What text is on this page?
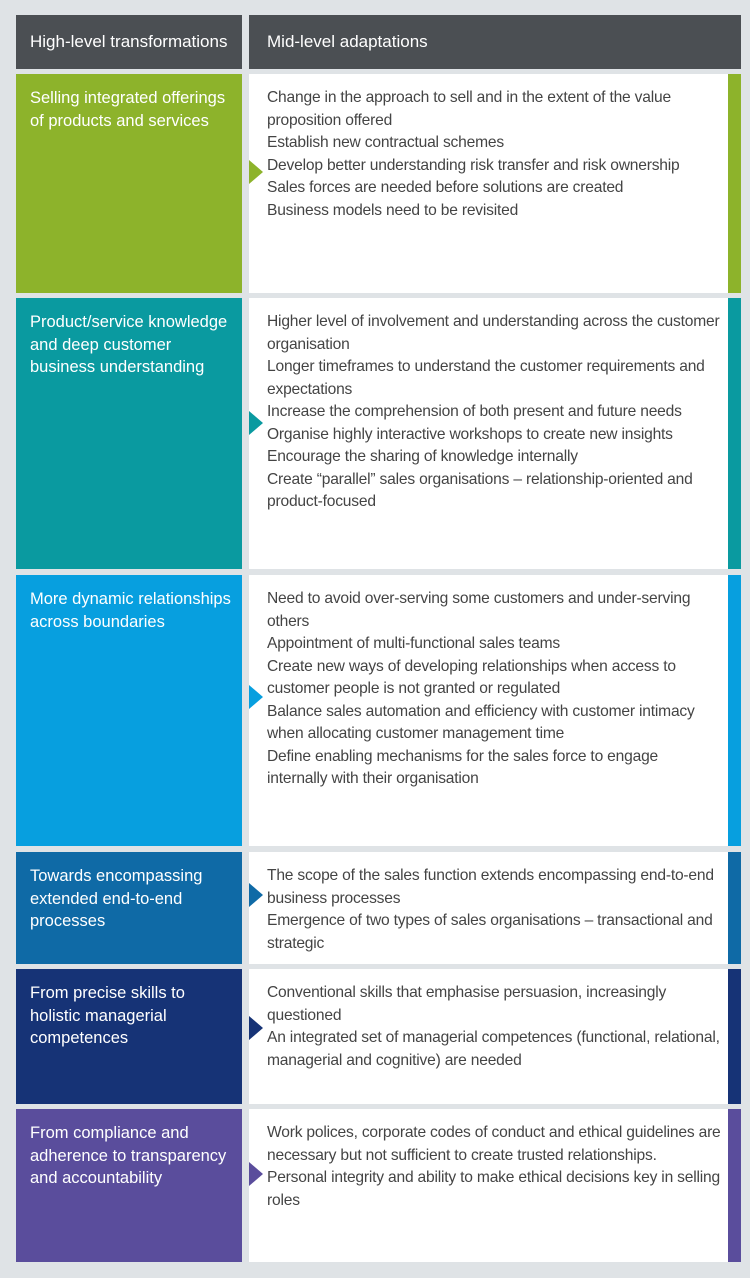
High-level transformations	Mid-level adaptations
Selling integrated offerings of products and services
Change in the approach to sell and in the extent of the value proposition offered
Establish new contractual schemes
Develop better understanding risk transfer and risk ownership
Sales forces are needed before solutions are created
Business models need to be revisited
Product/service knowledge and deep customer business understanding
Higher level of involvement and understanding across the customer organisation
Longer timeframes to understand the customer requirements and expectations
Increase the comprehension of both present and future needs
Organise highly interactive workshops to create new insights
Encourage the sharing of knowledge internally
Create “parallel” sales organisations – relationship-oriented and product-focused
More dynamic relationships across boundaries
Need to avoid over-serving some customers and under-serving others
Appointment of multi-functional sales teams
Create new ways of developing relationships when access to customer people is not granted or regulated
Balance sales automation and efficiency with customer intimacy when allocating customer management time
Define enabling mechanisms for the sales force to engage internally with their organisation
Towards encompassing extended end-to-end processes
The scope of the sales function extends encompassing end-to-end business processes
Emergence of two types of sales organisations – transactional and strategic
From precise skills to holistic managerial competences
Conventional skills that emphasise persuasion, increasingly questioned
An integrated set of managerial competences (functional, relational, managerial and cognitive) are needed
From compliance and adherence to transparency and accountability
Work polices, corporate codes of conduct and ethical guidelines are necessary but not sufficient to create trusted relationships.
Personal integrity and ability to make ethical decisions key in selling roles
